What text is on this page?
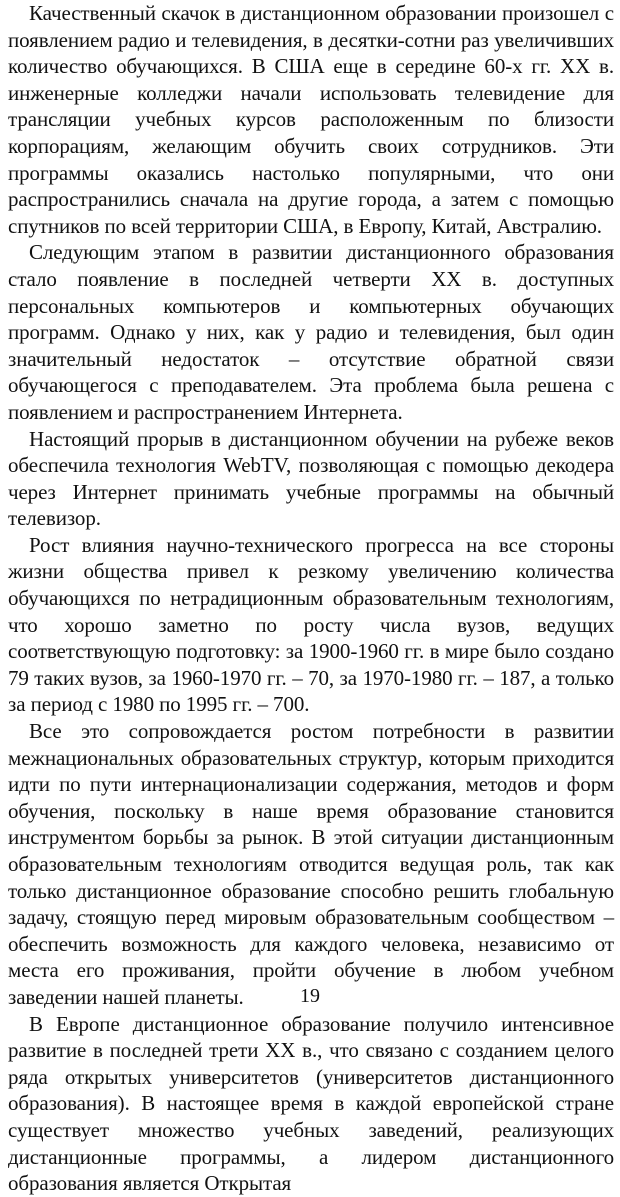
Качественный скачок в дистанционном образовании произошел с появлением радио и телевидения, в десятки-сотни раз увеличивших количество обучающихся. В США еще в середине 60-х гг. XX в. инженерные колледжи начали использовать телевидение для трансляции учебных курсов расположенным по близости корпорациям, желающим обучить своих сотрудников. Эти программы оказались настолько популярными, что они распространились сначала на другие города, а затем с помощью спутников по всей территории США, в Европу, Китай, Австралию.

Следующим этапом в развитии дистанционного образования стало появление в последней четверти XX в. доступных персональных компьютеров и компьютерных обучающих программ. Однако у них, как у радио и телевидения, был один значительный недостаток – отсутствие обратной связи обучающегося с преподавателем. Эта проблема была решена с появлением и распространением Интернета.

Настоящий прорыв в дистанционном обучении на рубеже веков обеспечила технология WebTV, позволяющая с помощью декодера через Интернет принимать учебные программы на обычный телевизор.

Рост влияния научно-технического прогресса на все стороны жизни общества привел к резкому увеличению количества обучающихся по нетрадиционным образовательным технологиям, что хорошо заметно по росту числа вузов, ведущих соответствующую подготовку: за 1900-1960 гг. в мире было создано 79 таких вузов, за 1960-1970 гг. – 70, за 1970-1980 гг. – 187, а только за период с 1980 по 1995 гг. – 700.

Все это сопровождается ростом потребности в развитии межнациональных образовательных структур, которым приходится идти по пути интернационализации содержания, методов и форм обучения, поскольку в наше время образование становится инструментом борьбы за рынок. В этой ситуации дистанционным образовательным технологиям отводится ведущая роль, так как только дистанционное образование способно решить глобальную задачу, стоящую перед мировым образовательным сообществом – обеспечить возможность для каждого человека, независимо от места его проживания, пройти обучение в любом учебном заведении нашей планеты.

В Европе дистанционное образование получило интенсивное развитие в последней трети XX в., что связано с созданием целого ряда открытых университетов (университетов дистанционного образования). В настоящее время в каждой европейской стране существует множество учебных заведений, реализующих дистанционные программы, а лидером дистанционного образования является Открытая

19
